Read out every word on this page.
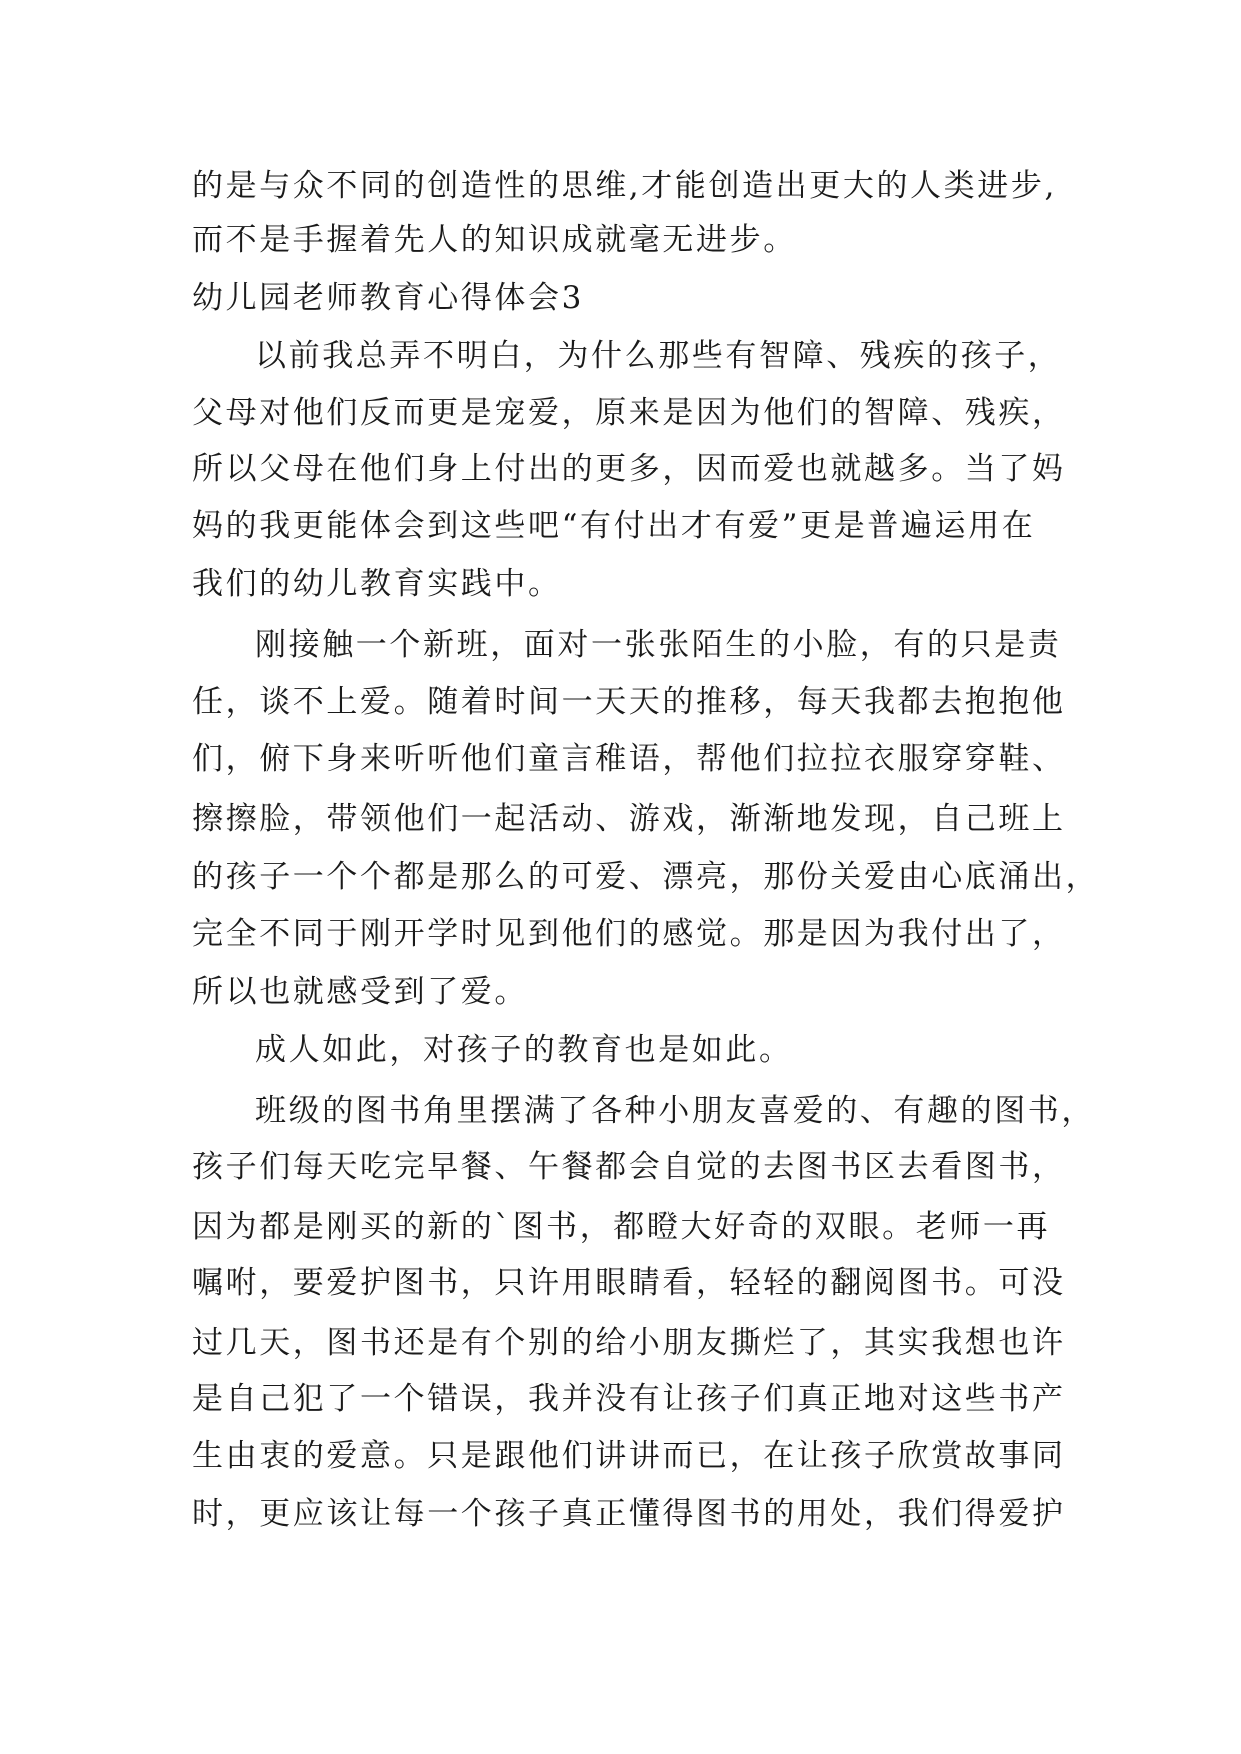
的是与众不同的创造性的思维,才能创造出更大的人类进步,
而不是手握着先人的知识成就毫无进步。
幼儿园老师教育心得体会3
以前我总弄不明白，为什么那些有智障、残疾的孩子，
父母对他们反而更是宠爱，原来是因为他们的智障、残疾，
所以父母在他们身上付出的更多，因而爱也就越多。当了妈
妈的我更能体会到这些吧“有付出才有爱”更是普遍运用在
我们的幼儿教育实践中。
刚接触一个新班，面对一张张陌生的小脸，有的只是责
任，谈不上爱。随着时间一天天的推移，每天我都去抱抱他
们，俯下身来听听他们童言稚语，帮他们拉拉衣服穿穿鞋、
擦擦脸，带领他们一起活动、游戏，渐渐地发现，自己班上
的孩子一个个都是那么的可爱、漂亮，那份关爱由心底涌出，
完全不同于刚开学时见到他们的感觉。那是因为我付出了，
所以也就感受到了爱。
成人如此，对孩子的教育也是如此。
班级的图书角里摆满了各种小朋友喜爱的、有趣的图书，
孩子们每天吃完早餐、午餐都会自觉的去图书区去看图书，
因为都是刚买的新的`图书，都瞪大好奇的双眼。老师一再
嘱咐，要爱护图书，只许用眼睛看，轻轻的翻阅图书。可没
过几天，图书还是有个别的给小朋友撕烂了，其实我想也许
是自己犯了一个错误，我并没有让孩子们真正地对这些书产
生由衷的爱意。只是跟他们讲讲而已，在让孩子欣赏故事同
时，更应该让每一个孩子真正懂得图书的用处，我们得爱护
